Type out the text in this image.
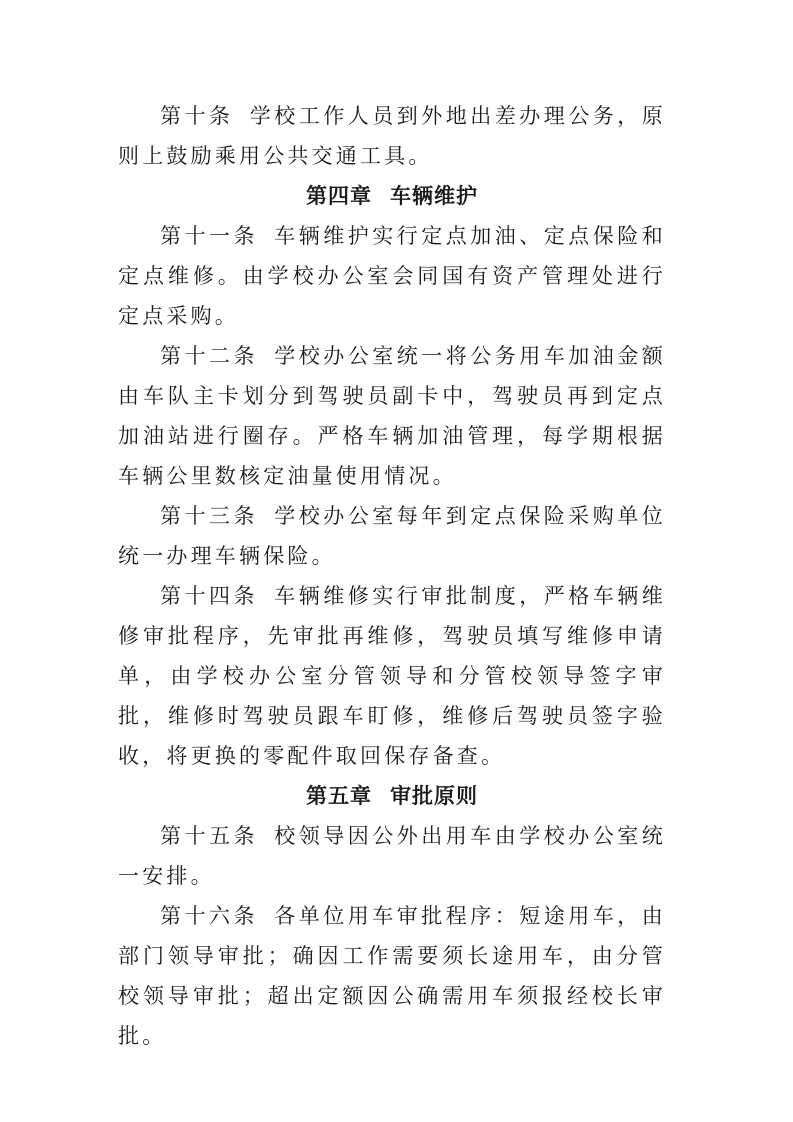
第十条 学校工作人员到外地出差办理公务，原则上鼓励乘用公共交通工具。

第四章 车辆维护

第十一条 车辆维护实行定点加油、定点保险和定点维修。由学校办公室会同国有资产管理处进行定点采购。

第十二条 学校办公室统一将公务用车加油金额由车队主卡划分到驾驶员副卡中，驾驶员再到定点加油站进行圈存。严格车辆加油管理，每学期根据车辆公里数核定油量使用情况。

第十三条 学校办公室每年到定点保险采购单位统一办理车辆保险。

第十四条 车辆维修实行审批制度，严格车辆维修审批程序，先审批再维修，驾驶员填写维修申请单，由学校办公室分管领导和分管校领导签字审批，维修时驾驶员跟车盯修，维修后驾驶员签字验收，将更换的零配件取回保存备查。

第五章 审批原则

第十五条 校领导因公外出用车由学校办公室统一安排。

第十六条 各单位用车审批程序：短途用车，由部门领导审批；确因工作需要须长途用车，由分管校领导审批；超出定额因公确需用车须报经校长审批。
